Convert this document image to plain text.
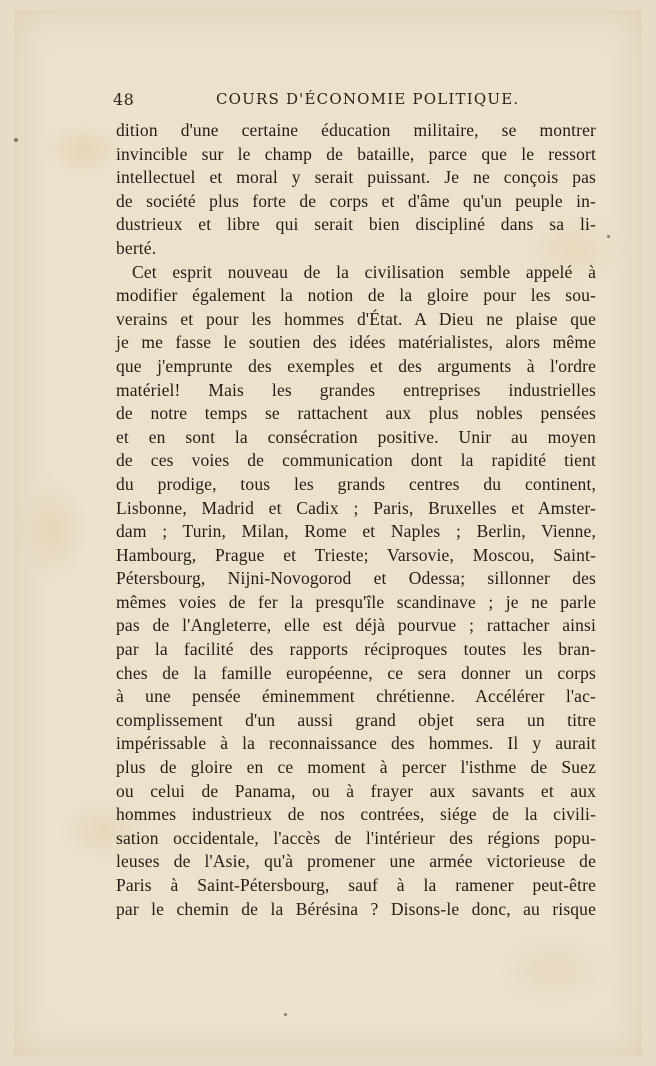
48	COURS D'ÉCONOMIE POLITIQUE.
dition d'une certaine éducation militaire, se montrer
invincible sur le champ de bataille, parce que le ressort
intellectuel et moral y serait puissant. Je ne conçois pas
de société plus forte de corps et d'âme qu'un peuple in-
dustrieux et libre qui serait bien discipliné dans sa li-
berté.
Cet esprit nouveau de la civilisation semble appelé à
modifier également la notion de la gloire pour les sou-
verains et pour les hommes d'État. A Dieu ne plaise que
je me fasse le soutien des idées matérialistes, alors même
que j'emprunte des exemples et des arguments à l'ordre
matériel! Mais les grandes entreprises industrielles
de notre temps se rattachent aux plus nobles pensées
et en sont la consécration positive. Unir au moyen
de ces voies de communication dont la rapidité tient
du prodige, tous les grands centres du continent,
Lisbonne, Madrid et Cadix ; Paris, Bruxelles et Amster-
dam ; Turin, Milan, Rome et Naples ; Berlin, Vienne,
Hambourg, Prague et Trieste; Varsovie, Moscou, Saint-
Pétersbourg, Nijni-Novogorod et Odessa; sillonner des
mêmes voies de fer la presqu'île scandinave ; je ne parle
pas de l'Angleterre, elle est déjà pourvue ; rattacher ainsi
par la facilité des rapports réciproques toutes les bran-
ches de la famille européenne, ce sera donner un corps
à une pensée éminemment chrétienne. Accélérer l'ac-
complissement d'un aussi grand objet sera un titre
impérissable à la reconnaissance des hommes. Il y aurait
plus de gloire en ce moment à percer l'isthme de Suez
ou celui de Panama, ou à frayer aux savants et aux
hommes industrieux de nos contrées, siége de la civili-
sation occidentale, l'accès de l'intérieur des régions popu-
leuses de l'Asie, qu'à promener une armée victorieuse de
Paris à Saint-Pétersbourg, sauf à la ramener peut-être
par le chemin de la Bérésina ? Disons-le donc, au risque
